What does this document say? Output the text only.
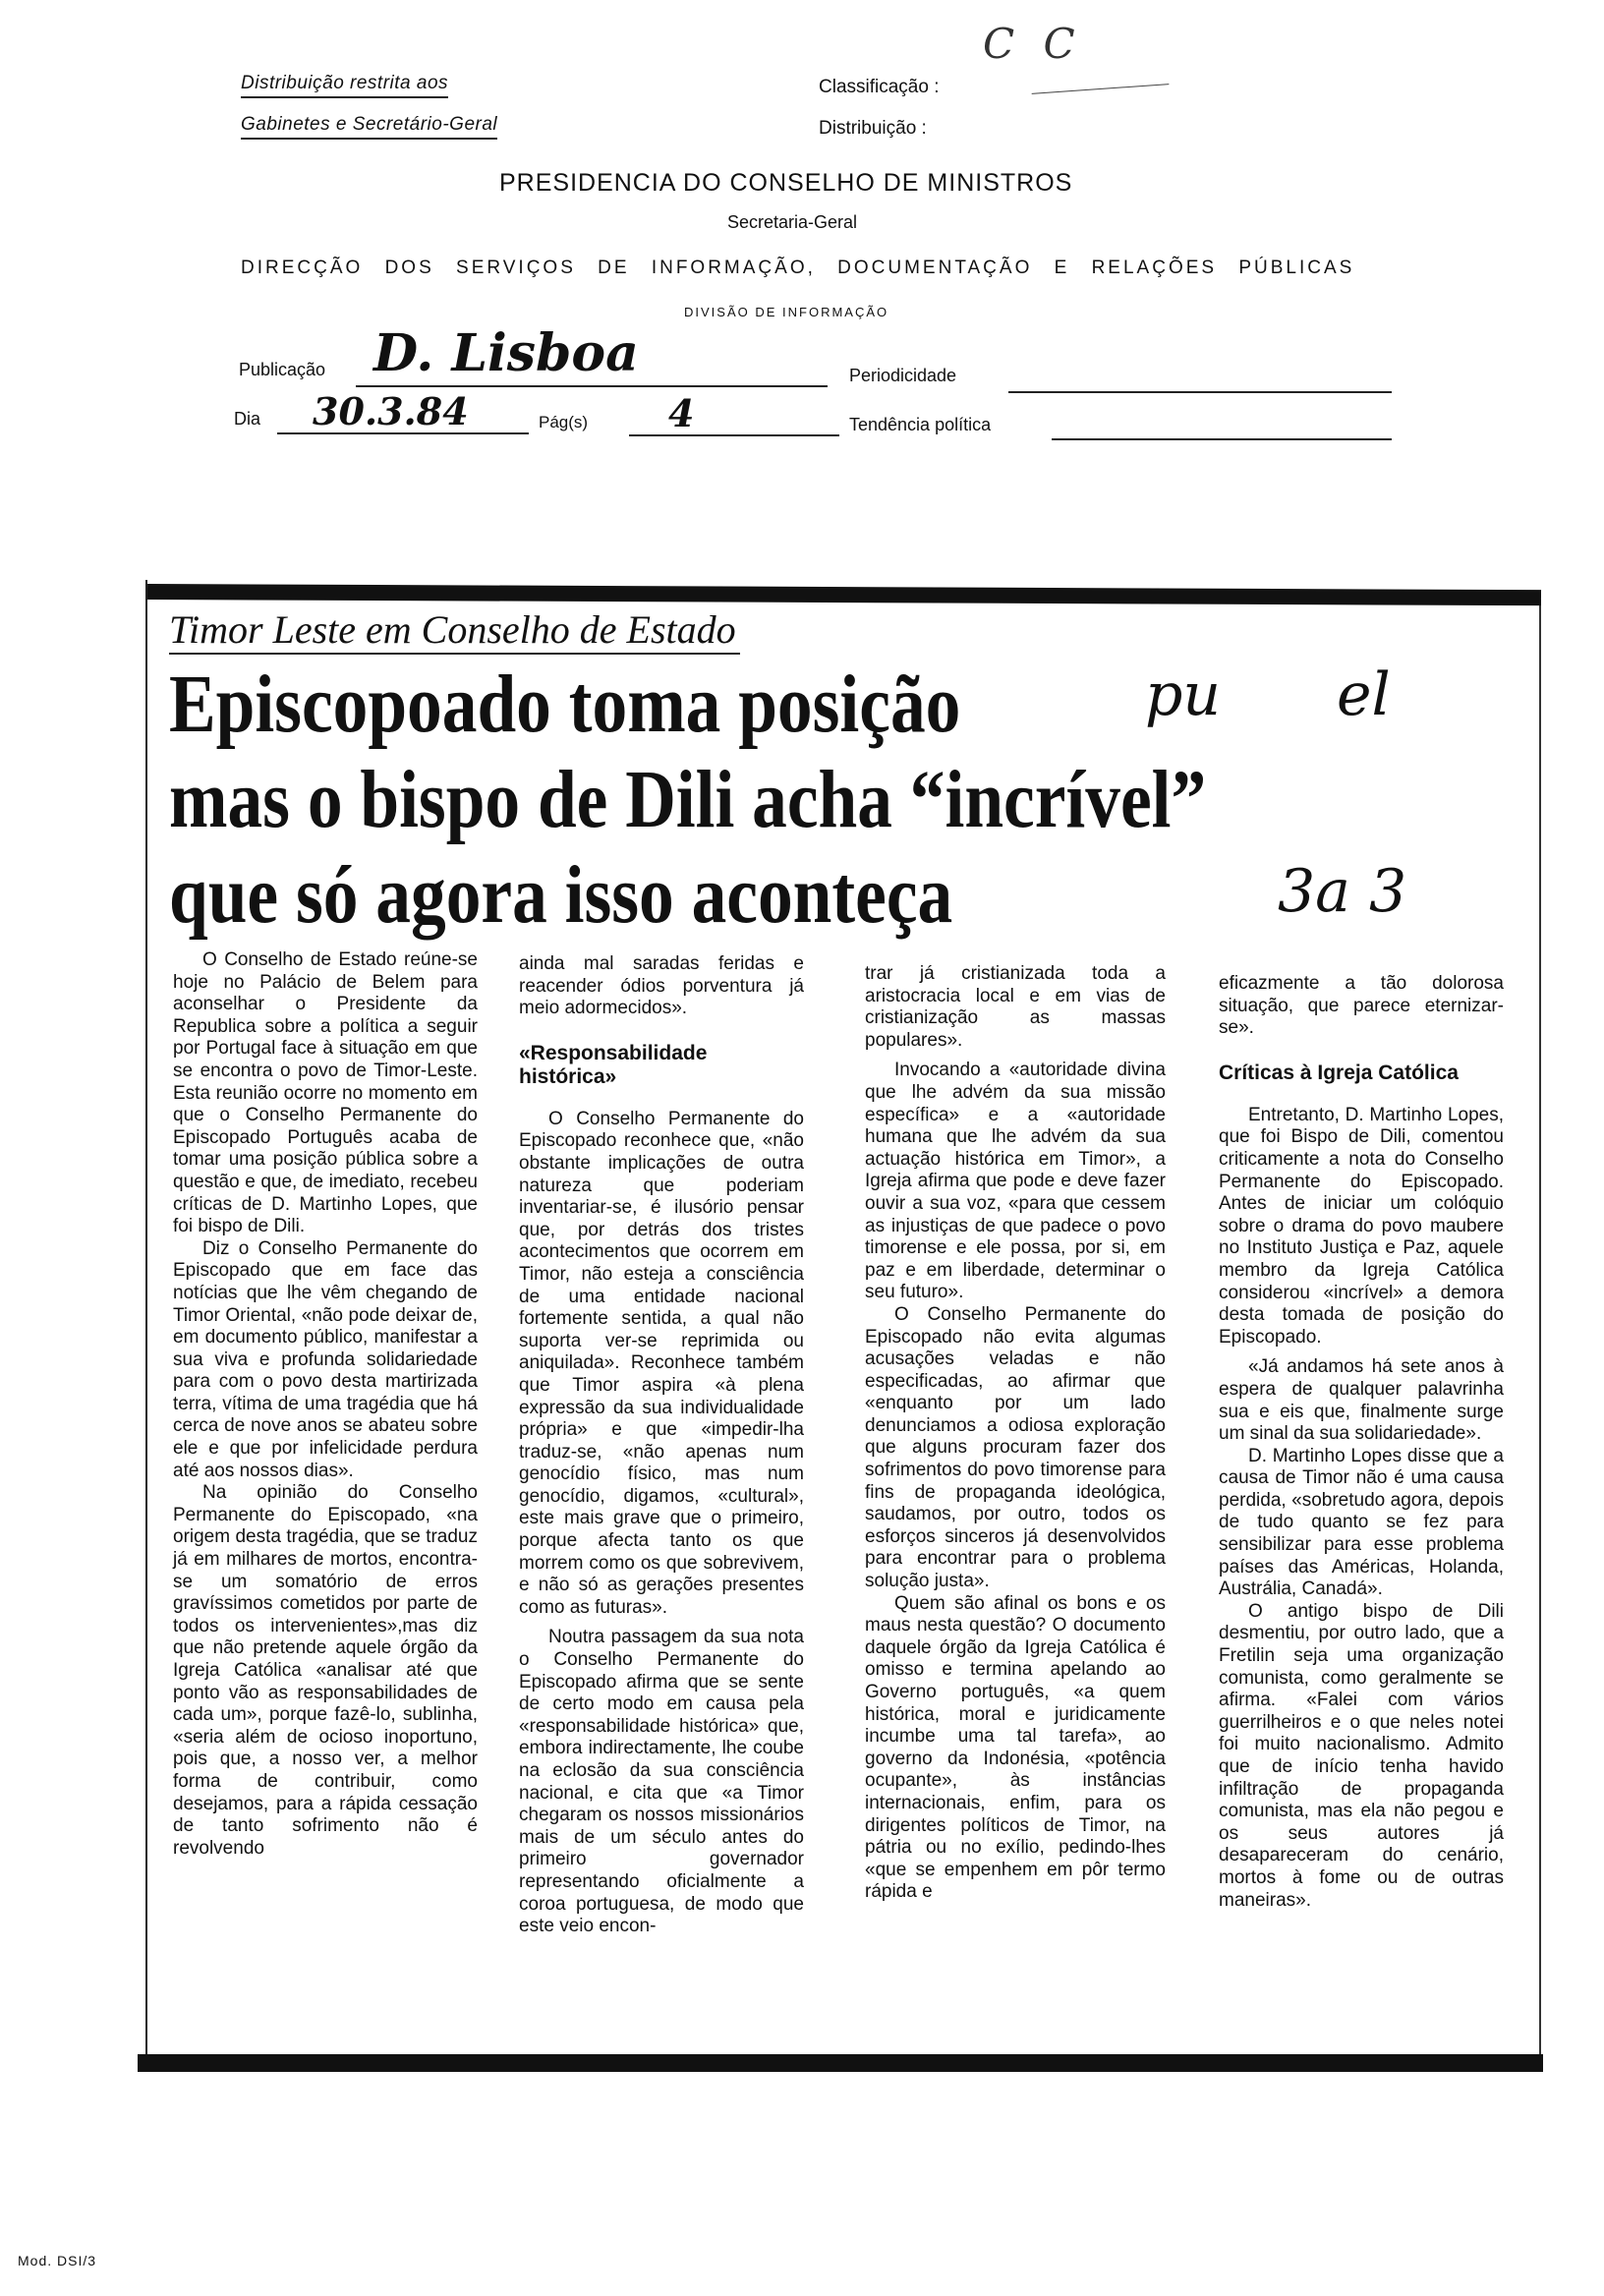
Distribuição restrita aos
Gabinetes e Secretário-Geral
Classificação :
Distribuição :
C C
PRESIDENCIA DO CONSELHO DE MINISTROS
Secretaria-Geral
DIRECÇÃO DOS SERVIÇOS DE INFORMAÇÃO, DOCUMENTAÇÃO E RELAÇÕES PÚBLICAS
DIVISÃO DE INFORMAÇÃO
Publicação D. Lisboa	Periodicidade
Dia 30.3.84	Pág(s) 4	Tendência política
Timor Leste em Conselho de Estado
Episcopoado toma posição
mas o bispo de Dili acha “incrível”
que só agora isso aconteça
pu el
3a 3

O Conselho de Estado reúne-se hoje no Palácio de Belem para aconselhar o Presidente da Republica sobre a política a seguir por Portugal face à situação em que se encontra o povo de Timor-Leste. Esta reunião ocorre no momento em que o Conselho Permanente do Episcopado Português acaba de tomar uma posição pública sobre a questão e que, de imediato, recebeu críticas de D. Martinho Lopes, que foi bispo de Dili.

Diz o Conselho Permanente do Episcopado que em face das notícias que lhe vêm chegando de Timor Oriental, «não pode deixar de, em documento público, manifestar a sua viva e profunda solidariedade para com o povo desta martirizada terra, vítima de uma tragédia que há cerca de nove anos se abateu sobre ele e que por infelicidade perdura até aos nossos dias».

Na opinião do Conselho Permanente do Episcopado, «na origem desta tragédia, que se traduz já em milhares de mortos, encontra-se um somatório de erros gravíssimos cometidos por parte de todos os intervenientes»,mas diz que não pretende aquele órgão da Igreja Católica «analisar até que ponto vão as responsabilidades de cada um», porque fazê-lo, sublinha, «seria além de ocioso inoportuno, pois que, a nosso ver, a melhor forma de contribuir, como desejamos, para a rápida cessação de tanto sofrimento não é revolvendo

ainda mal saradas feridas e reacender ódios porventura já meio adormecidos».

«Responsabilidade histórica»

O Conselho Permanente do Episcopado reconhece que, «não obstante implicações de outra natureza que poderiam inventariar-se, é ilusório pensar que, por detrás dos tristes acontecimentos que ocorrem em Timor, não esteja a consciência de uma entidade nacional fortemente sentida, a qual não suporta ver-se reprimida ou aniquilada». Reconhece também que Timor aspira «à plena expressão da sua individualidade própria» e que «impedir-lha traduz-se, «não apenas num genocídio físico, mas num genocídio, digamos, «cultural», este mais grave que o primeiro, porque afecta tanto os que morrem como os que sobrevivem, e não só as gerações presentes como as futuras».

Noutra passagem da sua nota o Conselho Permanente do Episcopado afirma que se sente de certo modo em causa pela «responsabilidade histórica» que, embora indirectamente, lhe coube na eclosão da sua consciência nacional, e cita que «a Timor chegaram os nossos missionários mais de um século antes do primeiro governador representando oficialmente a coroa portuguesa, de modo que este veio encon-

trar já cristianizada toda a aristocracia local e em vias de cristianização as massas populares».

Invocando a «autoridade divina que lhe advém da sua missão específica» e a «autoridade humana que lhe advém da sua actuação histórica em Timor», a Igreja afirma que pode e deve fazer ouvir a sua voz, «para que cessem as injustiças de que padece o povo timorense e ele possa, por si, em paz e em liberdade, determinar o seu futuro».

O Conselho Permanente do Episcopado não evita algumas acusações veladas e não especificadas, ao afirmar que «enquanto por um lado denunciamos a odiosa exploração que alguns procuram fazer dos sofrimentos do povo timorense para fins de propaganda ideológica, saudamos, por outro, todos os esforços sinceros já desenvolvidos para encontrar para o problema solução justa».

Quem são afinal os bons e os maus nesta questão? O documento daquele órgão da Igreja Católica é omisso e termina apelando ao Governo português, «a quem histórica, moral e juridicamente incumbe uma tal tarefa», ao governo da Indonésia, «potência ocupante», às instâncias internacionais, enfim, para os dirigentes políticos de Timor, na pátria ou no exílio, pedindo-lhes «que se empenhem em pôr termo rápida e

eficazmente a tão dolorosa situação, que parece eternizar-se».

Críticas à Igreja Católica

Entretanto, D. Martinho Lopes, que foi Bispo de Dili, comentou criticamente a nota do Conselho Permanente do Episcopado. Antes de iniciar um colóquio sobre o drama do povo maubere no Instituto Justiça e Paz, aquele membro da Igreja Católica considerou «incrível» a demora desta tomada de posição do Episcopado.

«Já andamos há sete anos à espera de qualquer palavrinha sua e eis que, finalmente surge um sinal da sua solidariedade».

D. Martinho Lopes disse que a causa de Timor não é uma causa perdida, «sobretudo agora, depois de tudo quanto se fez para sensibilizar para esse problema países das Américas, Holanda, Austrália, Canadá».

O antigo bispo de Dili desmentiu, por outro lado, que a Fretilin seja uma organização comunista, como geralmente se afirma. «Falei com vários guerrilheiros e o que neles notei foi muito nacionalismo. Admito que de início tenha havido infiltração de propaganda comunista, mas ela não pegou e os seus autores já desapareceram do cenário, mortos à fome ou de outras maneiras».

Mod. DSI/3
